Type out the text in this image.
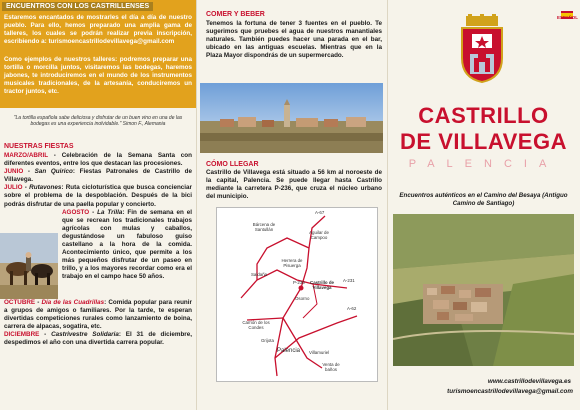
ENCUENTROS CON LOS CASTRILLENSES
Estaremos encantados de mostrarles el día a día de nuestro pueblo. Para ello, hemos preparado una amplia gama de talleres, los cuales se podrán realizar previa inscripción, escribiendo a: turismoencastrillodevillavega@gmail.com
Como ejemplos de nuestros talleres: podremos preparar una tortilla o morcilla juntos, visitaremos las bodegas, haremos jabones, te introduciremos en el mundo de los instrumentos musicales tradicionales, de la artesanía, conduciremos un tractor juntos, etc.
"La tortilla española sabe deliciosa y disfrutar de un buen vino en una de las bodegas es una experiencia inolvidable." Simon F., Alemania
NUESTRAS FIESTAS
MARZO/ABRIL - Celebración de la Semana Santa con diferentes eventos, entre los que destacan las procesiones.
JUNIO - San Quirico: Fiestas Patronales de Castrillo de Villavega.
JULIO - Rutavones: Ruta cicloturística que busca concienciar sobre el problema de la despoblación. Después de la bici podrás disfrutar de una paella popular y concierto.
AGOSTO - La Trilla: Fin de semana en el que se recrean los tradicionales trabajos agrícolas con mulas y caballos, degustándose un fabuloso guiso castellano a la hora de la comida. Acontecimiento único, que permite a los más pequeños disfrutar de un paseo en trillo, y a los mayores recordar como era el trabajo en el campo hace 50 años.
OCTUBRE - Día de las Cuadrillas: Comida popular para reunir a grupos de amigos o familiares. Por la tarde, te esperan divertidas competiciones rurales como lanzamiento de boina, carrera de alpacas, sogatira, etc.
DICIEMBRE - Castrivestre Solidaria: El 31 de diciembre, despedimos el año con una divertida carrera popular.
COMER Y BEBER
Tenemos la fortuna de tener 3 fuentes en el pueblo. Te sugerimos que pruebes el agua de nuestros manantiales naturales. También puedes hacer una parada en el bar, ubicado en las antiguas escuelas. Mientras que en la Plaza Mayor dispondrás de un supermercado.
CÓMO LLEGAR
Castrillo de Villavega está situado a 56 km al noroeste de la capital, Palencia. Se puede llegar hasta Castrillo mediante la carretera P-236, que cruza el núcleo urbano del municipio.
A-67
Bárcena de Santullán
Aguilar de Campoo
Herrera de Pisuerga
Castrillo de Villavega
Osorno
Saldaña
P-236	A-231
Carrión de los Condes
A-62
Grijota
Palencia Villamuriel
Venta de baños
ESPAÑOL
CASTRILLO
DE VILLAVEGA
PALENCIA
Encuentros auténticos en el Camino del Besaya (Antiguo Camino de Santiago)
www.castrillodevillavega.es
turismoencastrillodevillavega@gmail.com
